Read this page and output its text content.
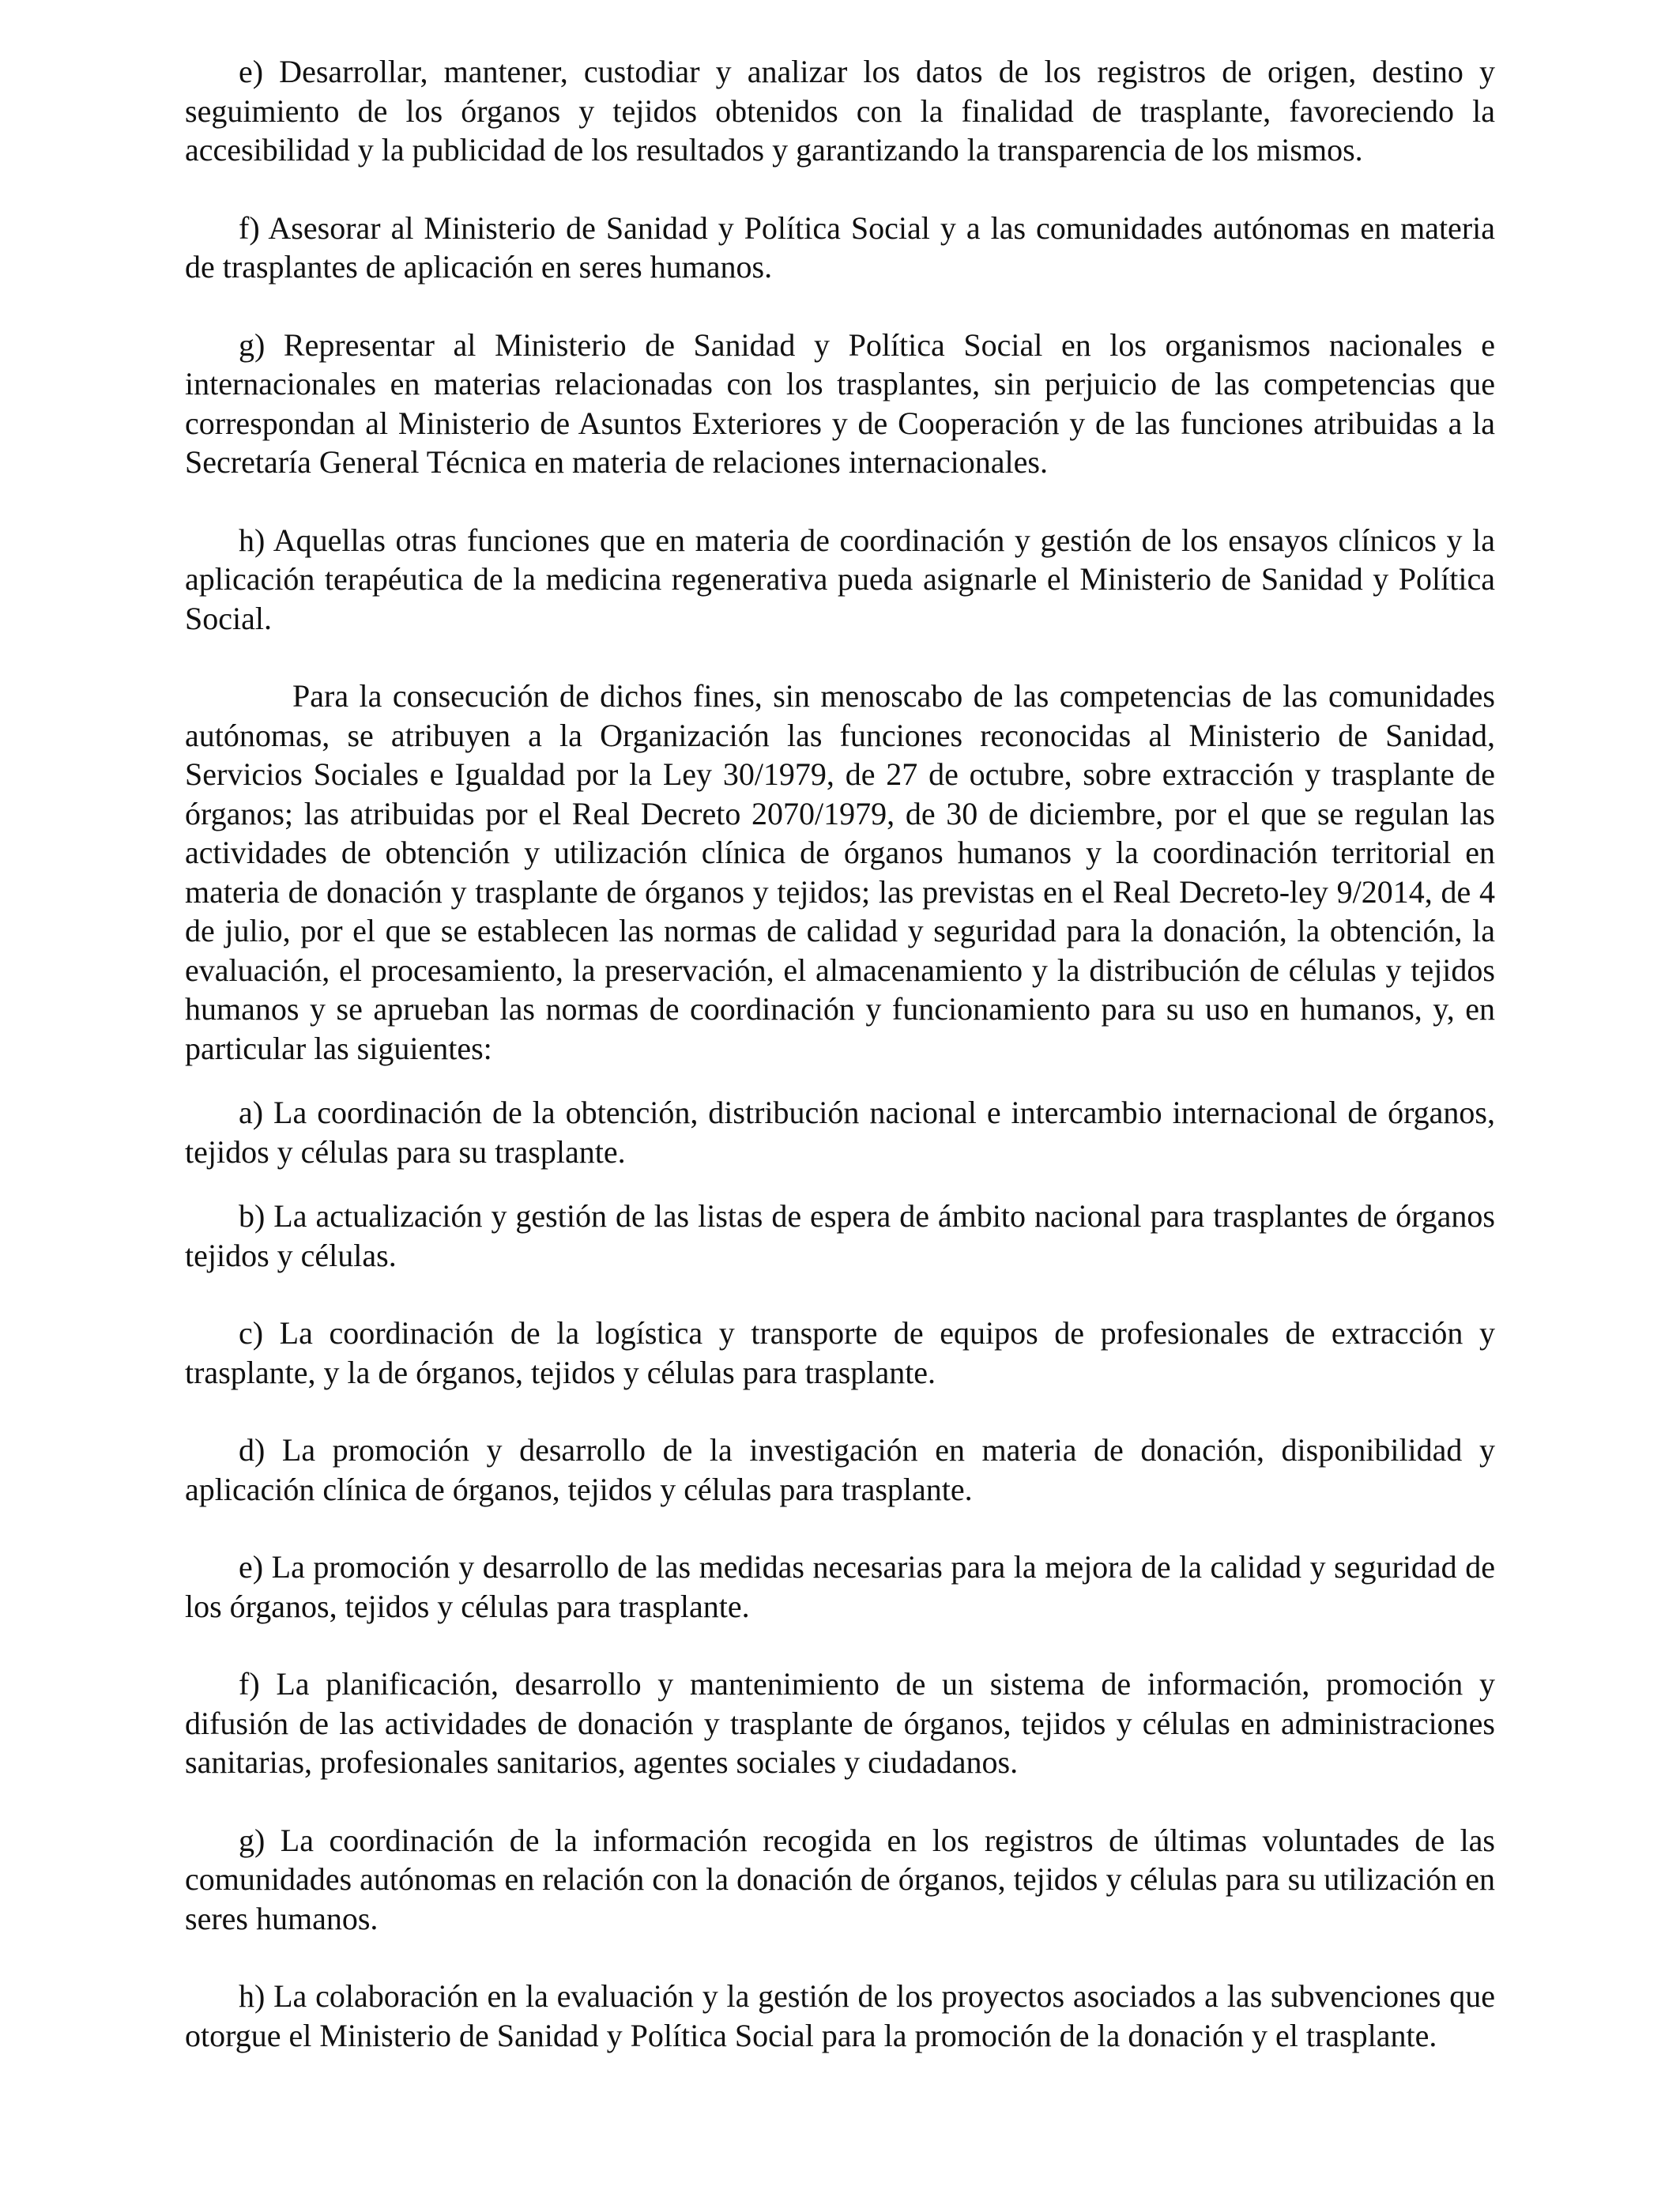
e) Desarrollar, mantener, custodiar y analizar los datos de los registros de origen, destino y seguimiento de los órganos y tejidos obtenidos con la finalidad de trasplante, favoreciendo la accesibilidad y la publicidad de los resultados y garantizando la transparencia de los mismos.

f) Asesorar al Ministerio de Sanidad y Política Social y a las comunidades autónomas en materia de trasplantes de aplicación en seres humanos.

g) Representar al Ministerio de Sanidad y Política Social en los organismos nacionales e internacionales en materias relacionadas con los trasplantes, sin perjuicio de las competencias que correspondan al Ministerio de Asuntos Exteriores y de Cooperación y de las funciones atribuidas a la Secretaría General Técnica en materia de relaciones internacionales.

h) Aquellas otras funciones que en materia de coordinación y gestión de los ensayos clínicos y la aplicación terapéutica de la medicina regenerativa pueda asignarle el Ministerio de Sanidad y Política Social.

Para la consecución de dichos fines, sin menoscabo de las competencias de las comunidades autónomas, se atribuyen a la Organización las funciones reconocidas al Ministerio de Sanidad, Servicios Sociales e Igualdad por la Ley 30/1979, de 27 de octubre, sobre extracción y trasplante de órganos; las atribuidas por el Real Decreto 2070/1979, de 30 de diciembre, por el que se regulan las actividades de obtención y utilización clínica de órganos humanos y la coordinación territorial en materia de donación y trasplante de órganos y tejidos; las previstas en el Real Decreto-ley 9/2014, de 4 de julio, por el que se establecen las normas de calidad y seguridad para la donación, la obtención, la evaluación, el procesamiento, la preservación, el almacenamiento y la distribución de células y tejidos humanos y se aprueban las normas de coordinación y funcionamiento para su uso en humanos, y, en particular las siguientes:

a) La coordinación de la obtención, distribución nacional e intercambio internacional de órganos, tejidos y células para su trasplante.

b) La actualización y gestión de las listas de espera de ámbito nacional para trasplantes de órganos tejidos y células.

c) La coordinación de la logística y transporte de equipos de profesionales de extracción y trasplante, y la de órganos, tejidos y células para trasplante.

d) La promoción y desarrollo de la investigación en materia de donación, disponibilidad y aplicación clínica de órganos, tejidos y células para trasplante.

e) La promoción y desarrollo de las medidas necesarias para la mejora de la calidad y seguridad de los órganos, tejidos y células para trasplante.

f) La planificación, desarrollo y mantenimiento de un sistema de información, promoción y difusión de las actividades de donación y trasplante de órganos, tejidos y células en administraciones sanitarias, profesionales sanitarios, agentes sociales y ciudadanos.

g) La coordinación de la información recogida en los registros de últimas voluntades de las comunidades autónomas en relación con la donación de órganos, tejidos y células para su utilización en seres humanos.

h) La colaboración en la evaluación y la gestión de los proyectos asociados a las subvenciones que otorgue el Ministerio de Sanidad y Política Social para la promoción de la donación y el trasplante.
